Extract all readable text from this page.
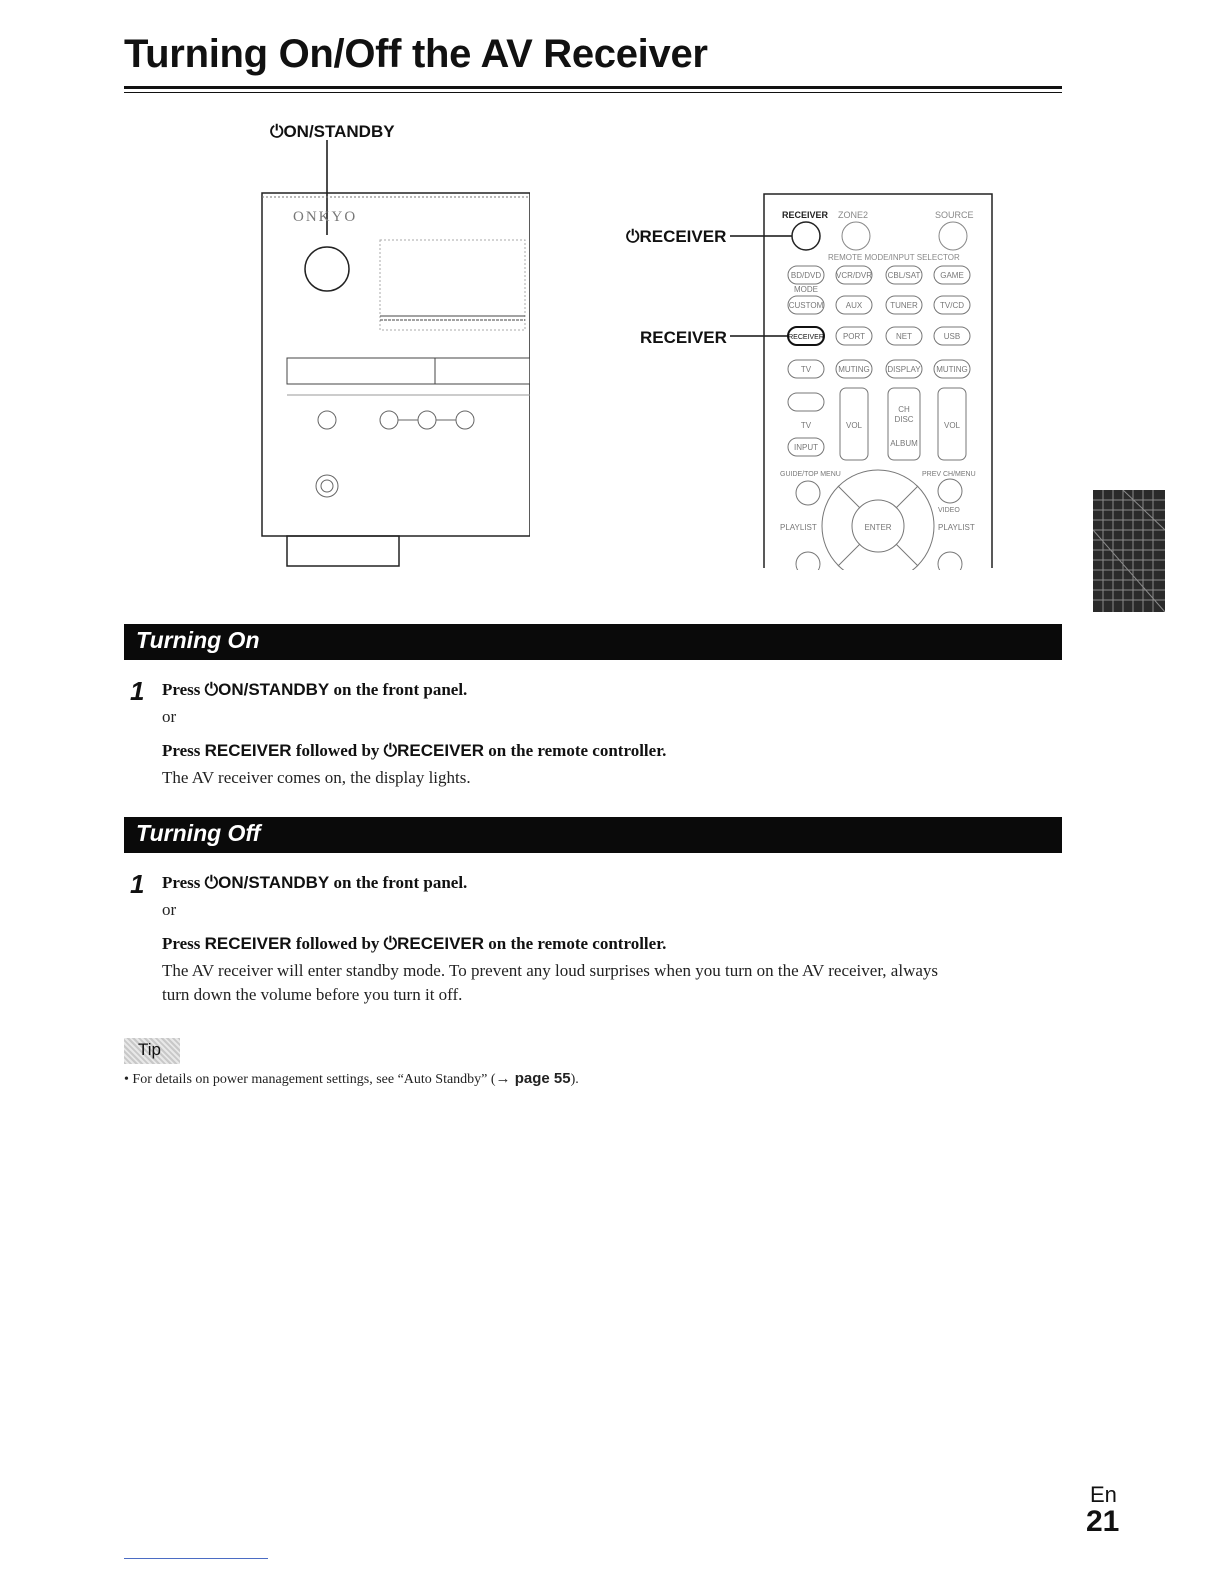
Turning On/Off the AV Receiver
⏻ON/STANDBY
⏻RECEIVER
RECEIVER
ONKYO	RECEIVER ZONE2	SOURCE
REMOTE MODE/INPUT SELECTOR
BD/DVD VCR/DVR CBL/SAT GAME
MODE
CUSTOM	AUX	TUNER	TV/CD
RECEIVER PORT	NET	USB
TV	MUTING DISPLAY MUTING
TV
INPUT
VOL
CH
DISC
ALBUM
VOL
GUIDE/TOP MENU	PREV CH/MENU
VIDEO
ENTER
PLAYLIST	PLAYLIST
Turning On
1 Press ⏻ON/STANDBY on the front panel.
or
Press RECEIVER followed by ⏻RECEIVER on the remote controller.
The AV receiver comes on, the display lights.
Turning Off
1 Press ⏻ON/STANDBY on the front panel.
or
Press RECEIVER followed by ⏻RECEIVER on the remote controller.
The AV receiver will enter standby mode. To prevent any loud surprises when you turn on the AV receiver, always
turn down the volume before you turn it off.
Tip
• For details on power management settings, see “Auto Standby” (→ page 55).
En
21
